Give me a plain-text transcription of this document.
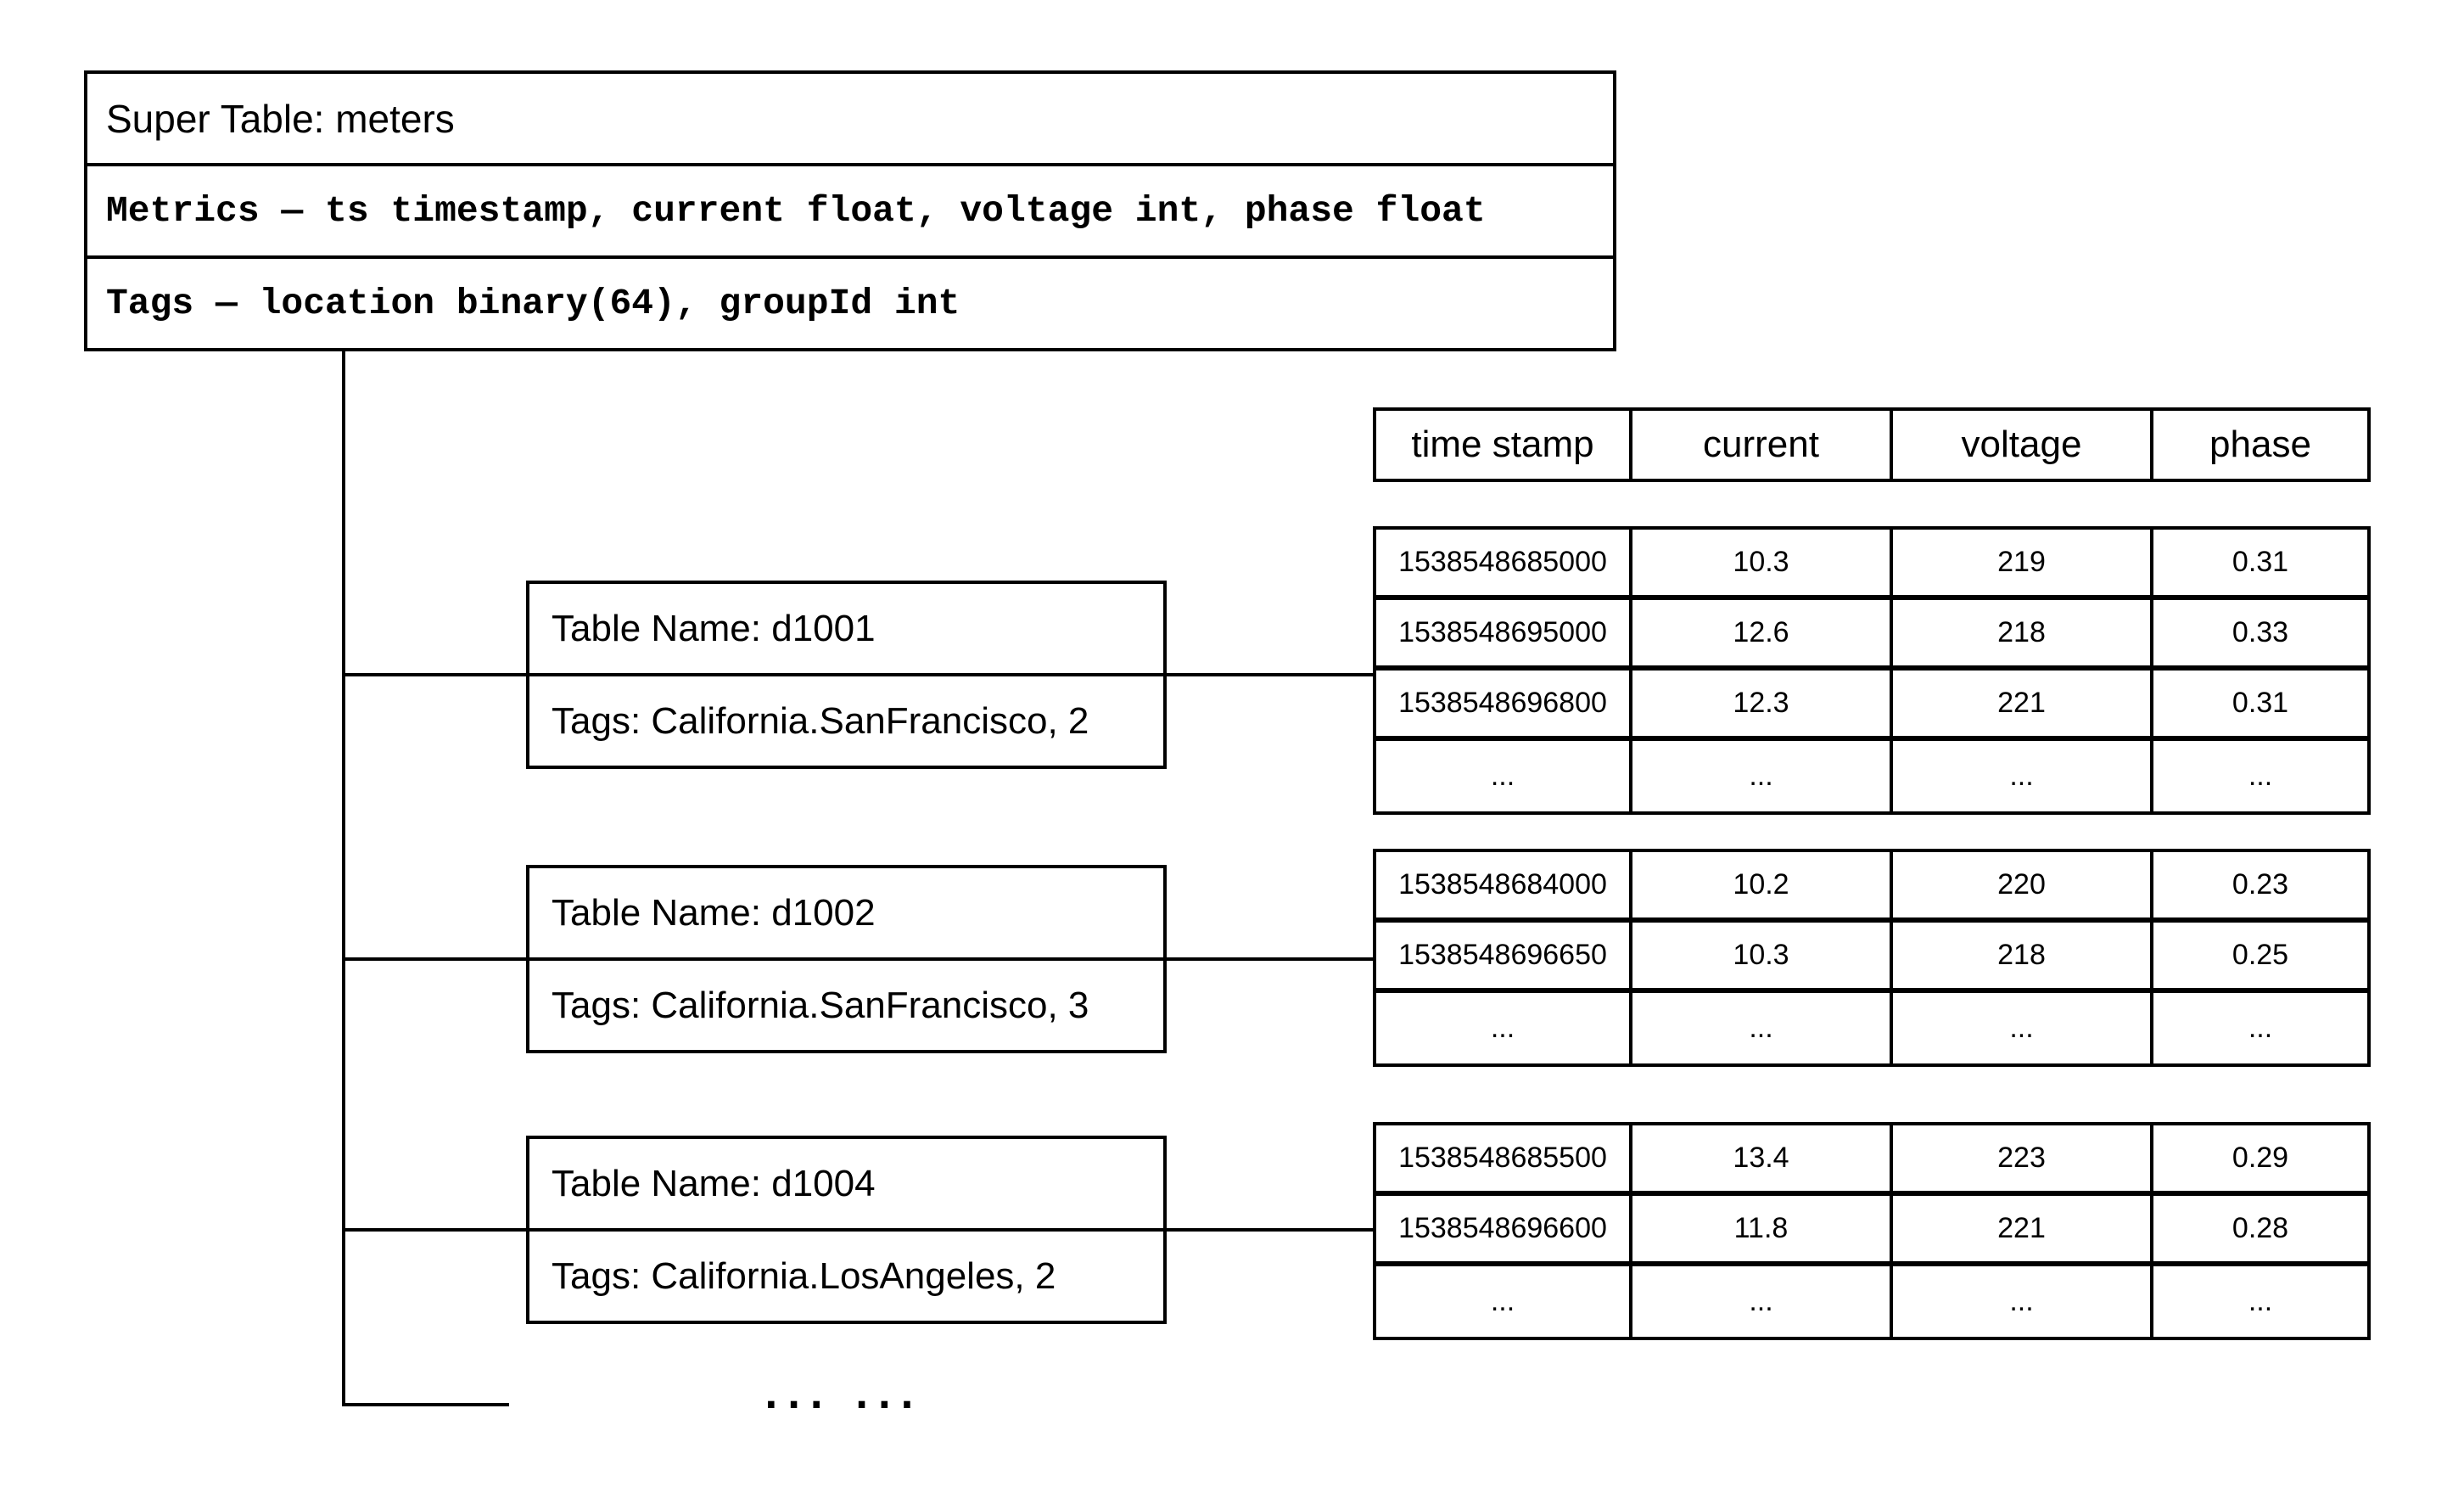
Super Table: meters
Metrics — ts timestamp, current float, voltage int, phase float
Tags — location binary(64), groupId int
time stamp	current	voltage	phase
Table Name: d1001
Tags: California.SanFrancisco, 2
1538548685000	10.3	219	0.31
1538548695000	12.6	218	0.33
1538548696800	12.3	221	0.31
...	...	...	...
Table Name: d1002
Tags: California.SanFrancisco, 3
1538548684000	10.2	220	0.23
1538548696650	10.3	218	0.25
...	...	...	...
Table Name: d1004
Tags: California.LosAngeles, 2
1538548685500	13.4	223	0.29
1538548696600	11.8	221	0.28
...	...	...	...
... ...
